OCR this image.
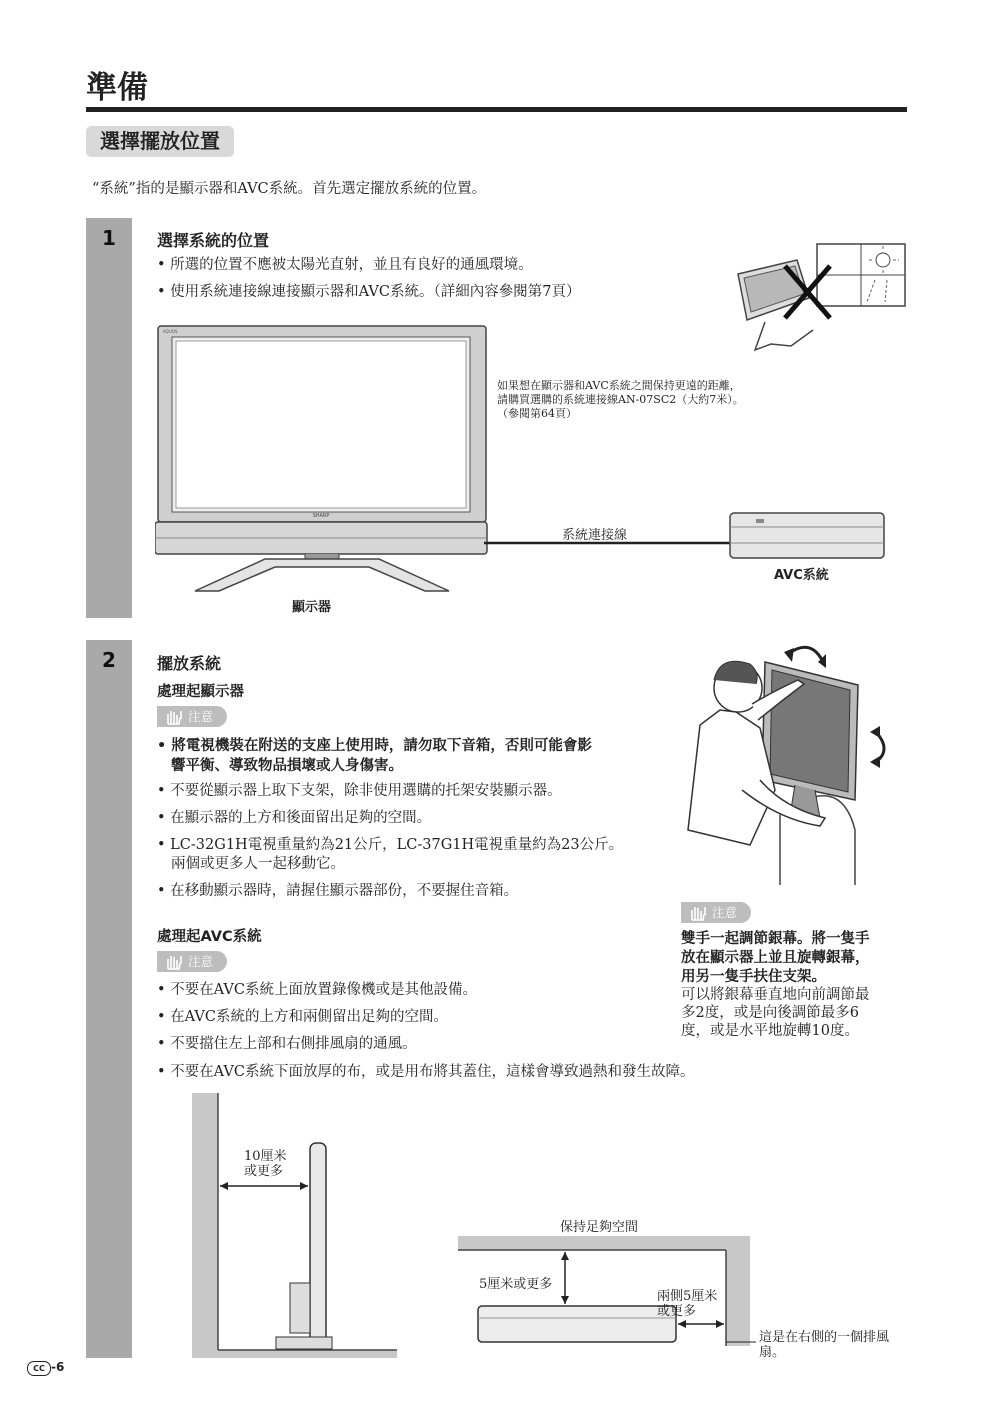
準備
選擇擺放位置
“系統”指的是顯示器和AVC系統。首先選定擺放系統的位置。
1
2
選擇系統的位置
• 所選的位置不應被太陽光直射，並且有良好的通風環境。
• 使用系統連接線連接顯示器和AVC系統。（詳細內容參閱第7頁）
AQUOS
SHARP
如果想在顯示器和AVC系統之間保持更遠的距離，
請購買選購的系統連接線AN-07SC2（大約7米）。
（參閱第64頁）
系統連接線
AVC系統
顯示器
擺放系統
處理起顯示器
注意
• 將電視機裝在附送的支座上使用時，請勿取下音箱，否則可能會影
響平衡、導致物品損壞或人身傷害。
• 不要從顯示器上取下支架，除非使用選購的托架安裝顯示器。
• 在顯示器的上方和後面留出足夠的空間。
• LC-32G1H電視重量約為21公斤，LC-37G1H電視重量約為23公斤。
兩個或更多人一起移動它。
• 在移動顯示器時，請握住顯示器部份，不要握住音箱。
處理起AVC系統
注意
• 不要在AVC系統上面放置錄像機或是其他設備。
• 在AVC系統的上方和兩側留出足夠的空間。
• 不要擋住左上部和右側排風扇的通風。
• 不要在AVC系統下面放厚的布，或是用布將其蓋住，這樣會導致過熱和發生故障。
注意
雙手一起調節銀幕。將一隻手
放在顯示器上並且旋轉銀幕，
用另一隻手扶住支架。
可以將銀幕垂直地向前調節最
多2度，或是向後調節最多6
度，或是水平地旋轉10度。
10厘米
或更多
保持足夠空間
5厘米或更多
兩側5厘米
或更多
這是在右側的一個排風
扇。
CC -6
